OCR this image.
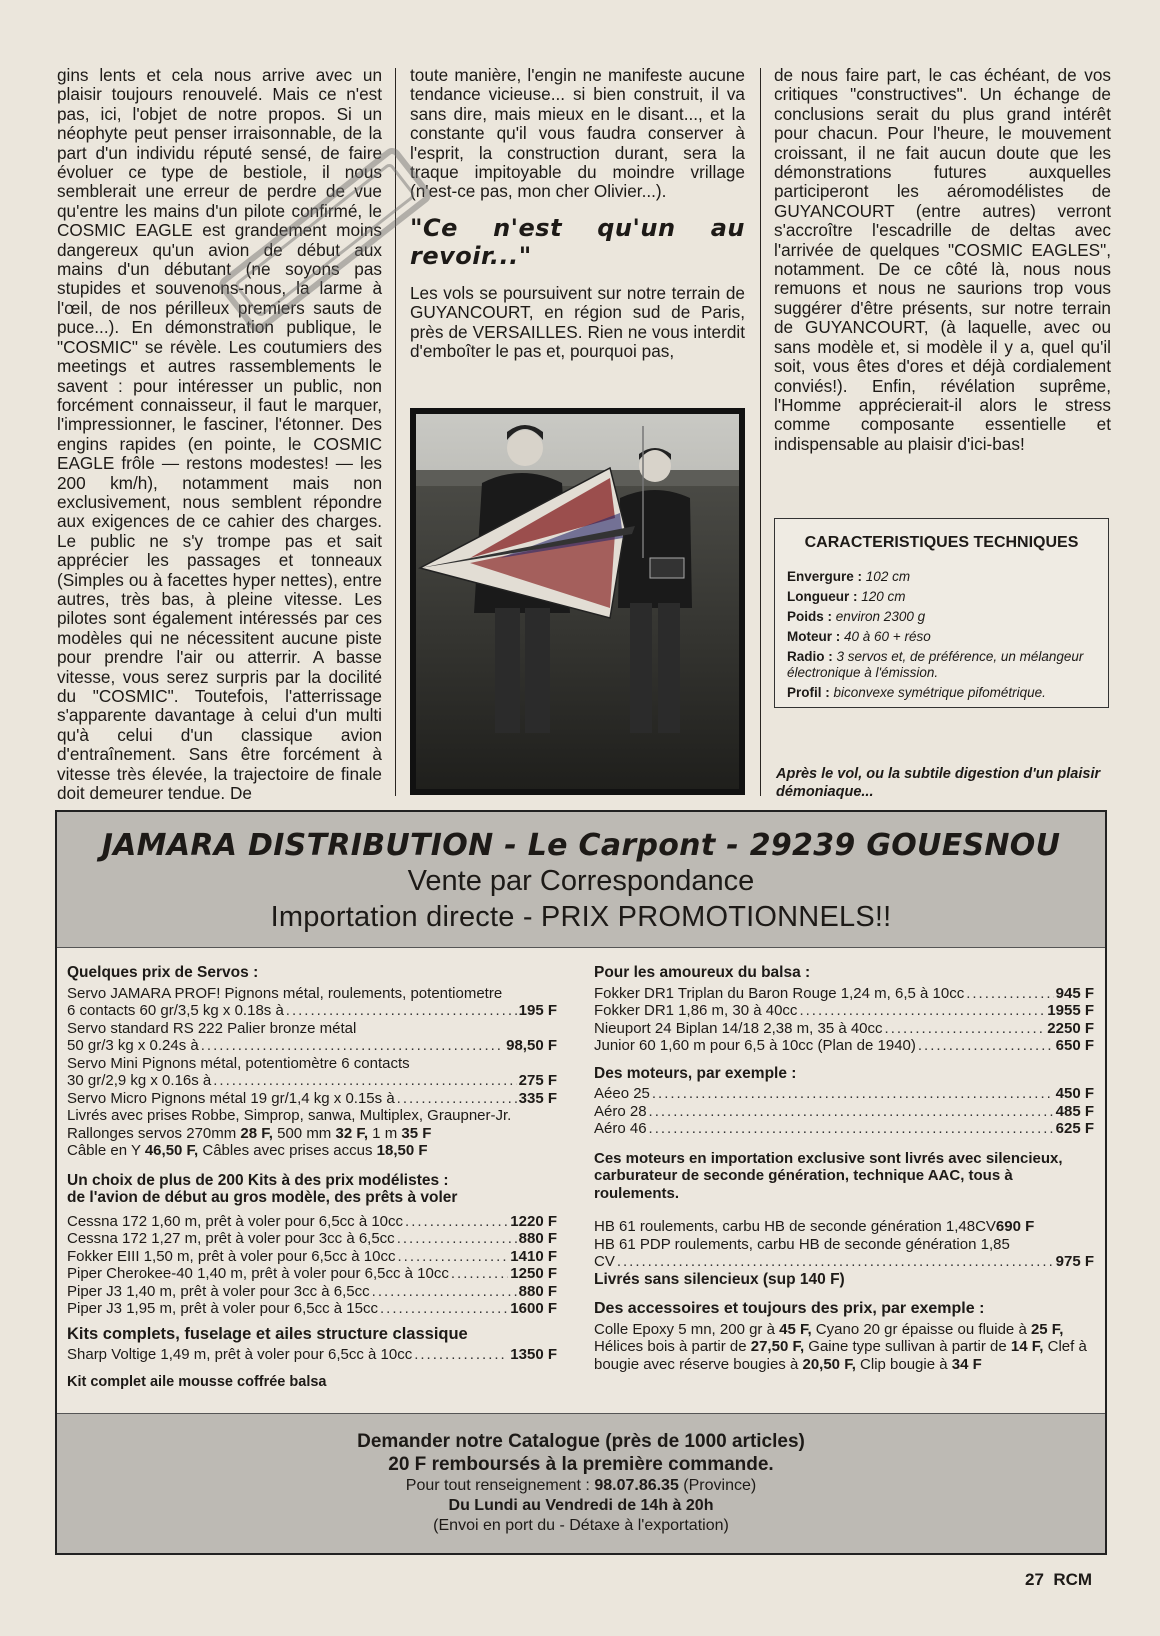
gins lents et cela nous arrive avec un plaisir toujours renouvelé. Mais ce n'est pas, ici, l'objet de notre propos. Si un néophyte peut penser irraisonnable, de la part d'un individu réputé sensé, de faire évoluer ce type de bestiole, il nous semblerait une erreur de perdre de vue qu'entre les mains d'un pilote confirmé, le COSMIC EAGLE est grandement moins dangereux qu'un avion de début aux mains d'un débutant (ne soyons pas stupides et souvenons-nous, la larme à l'œil, de nos périlleux premiers sauts de puce...). En démonstration publique, le "COSMIC" se révèle. Les coutumiers des meetings et autres rassemblements le savent : pour intéresser un public, non forcément connaisseur, il faut le marquer, l'impressionner, le fasciner, l'étonner. Des engins rapides (en pointe, le COSMIC EAGLE frôle — restons modestes! — les 200 km/h), notamment mais non exclusivement, nous semblent répondre aux exigences de ce cahier des charges. Le public ne s'y trompe pas et sait apprécier les passages et tonneaux (Simples ou à facettes hyper nettes), entre autres, très bas, à pleine vitesse. Les pilotes sont également intéressés par ces modèles qui ne nécessitent aucune piste pour prendre l'air ou atterrir. A basse vitesse, vous serez surpris par la docilité du "COSMIC". Toutefois, l'atterrissage s'apparente davantage à celui d'un multi qu'à celui d'un classique avion d'entraînement. Sans être forcément à vitesse très élevée, la trajectoire de finale doit demeurer tendue. De

toute manière, l'engin ne manifeste aucune tendance vicieuse... si bien construit, il va sans dire, mais mieux en le disant..., et la constante qu'il vous faudra conserver à l'esprit, la construction durant, sera la traque impitoyable du moindre vrillage (n'est-ce pas, mon cher Olivier...).

"Ce n'est qu'un au revoir..."

Les vols se poursuivent sur notre terrain de GUYANCOURT, en région sud de Paris, près de VERSAILLES. Rien ne vous interdit d'emboîter le pas et, pourquoi pas,

de nous faire part, le cas échéant, de vos critiques "constructives". Un échange de conclusions serait du plus grand intérêt pour chacun. Pour l'heure, le mouvement croissant, il ne fait aucun doute que les démonstrations futures auxquelles participeront les aéromodélistes de GUYANCOURT (entre autres) verront s'accroître l'escadrille de deltas avec l'arrivée de quelques "COSMIC EAGLES", notamment. De ce côté là, nous nous remuons et nous ne saurions trop vous suggérer d'être présents, sur notre terrain de GUYANCOURT, (à laquelle, avec ou sans modèle et, si modèle il y a, quel qu'il soit, vous êtes d'ores et déjà cordialement conviés!). Enfin, révélation suprême, l'Homme apprécierait-il alors le stress comme composante essentielle et indispensable au plaisir d'ici-bas!

CARACTERISTIQUES TECHNIQUES
Envergure : 102 cm
Longueur : 120 cm
Poids : environ 2300 g
Moteur : 40 à 60 + réso
Radio : 3 servos et, de préférence, un mélangeur électronique à l'émission.
Profil : biconvexe symétrique pifométrique.
Après le vol, ou la subtile digestion d'un plaisir démoniaque...
JAMARA DISTRIBUTION - Le Carpont - 29239 GOUESNOU
Vente par Correspondance
Importation directe - PRIX PROMOTIONNELS!!
Quelques prix de Servos :
Servo JAMARA PROF! Pignons métal, roulements, potentiometre
6 contacts 60 gr/3,5 kg x 0.18s à .....	195 F
Servo standard RS 222 Palier bronze métal
50 gr/3 kg x 0.24s à .....	98,50 F
Servo Mini Pignons métal, potentiomètre 6 contacts
30 gr/2,9 kg x 0.16s à .....	275 F
Servo Micro Pignons métal 19 gr/1,4 kg x 0.15s à .....	335 F
Livrés avec prises Robbe, Simprop, sanwa, Multiplex, Graupner-Jr.
Rallonges servos 270mm 28 F, 500 mm 32 F, 1 m 35 F
Câble en Y 46,50 F, Câbles avec prises accus 18,50 F
Un choix de plus de 200 Kits à des prix modélistes :
de l'avion de début au gros modèle, des prêts à voler
Cessna 172 1,60 m, prêt à voler pour 6,5cc à 10cc .....	1220 F
Cessna 172 1,27 m, prêt à voler pour 3cc à 6,5cc .....	880 F
Fokker EIII 1,50 m, prêt à voler pour 6,5cc à 10cc .....	1410 F
Piper Cherokee-40 1,40 m, prêt à voler pour 6,5cc à 10cc .....	1250 F
Piper J3 1,40 m, prêt à voler pour 3cc à 6,5cc .....	880 F
Piper J3 1,95 m, prêt à voler pour 6,5cc à 15cc .....	1600 F
Kits complets, fuselage et ailes structure classique
Sharp Voltige 1,49 m, prêt à voler pour 6,5cc à 10cc .....	1350 F
Kit complet aile mousse coffrée balsa
Pour les amoureux du balsa :
Fokker DR1 Triplan du Baron Rouge 1,24 m, 6,5 à 10cc .....	945 F
Fokker DR1 1,86 m, 30 à 40cc .....	1955 F
Nieuport 24 Biplan 14/18 2,38 m, 35 à 40cc .....	2250 F
Junior 60 1,60 m pour 6,5 à 10cc (Plan de 1940) .....	650 F
Des moteurs, par exemple :
Aéeo 25 .....	450 F
Aéro 28 .....	485 F
Aéro 46 .....	625 F
Ces moteurs en importation exclusive sont livrés avec silencieux, carburateur de seconde génération, technique AAC, tous à roulements.
HB 61 roulements, carbu HB de seconde génération 1,48CV 690 F
HB 61 PDP roulements, carbu HB de seconde génération 1,85
CV .....	975 F
Livrés sans silencieux (sup 140 F)
Des accessoires et toujours des prix, par exemple :
Colle Epoxy 5 mn, 200 gr à 45 F, Cyano 20 gr épaisse ou fluide à 25 F, Hélices bois à partir de 27,50 F, Gaine type sullivan à partir de 14 F, Clef à bougie avec réserve bougies à 20,50 F, Clip bougie à 34 F
Demander notre Catalogue (près de 1000 articles)
20 F remboursés à la première commande.
Pour tout renseignement : 98.07.86.35 (Province)
Du Lundi au Vendredi de 14h à 20h
(Envoi en port du - Détaxe à l'exportation)
27 RCM
